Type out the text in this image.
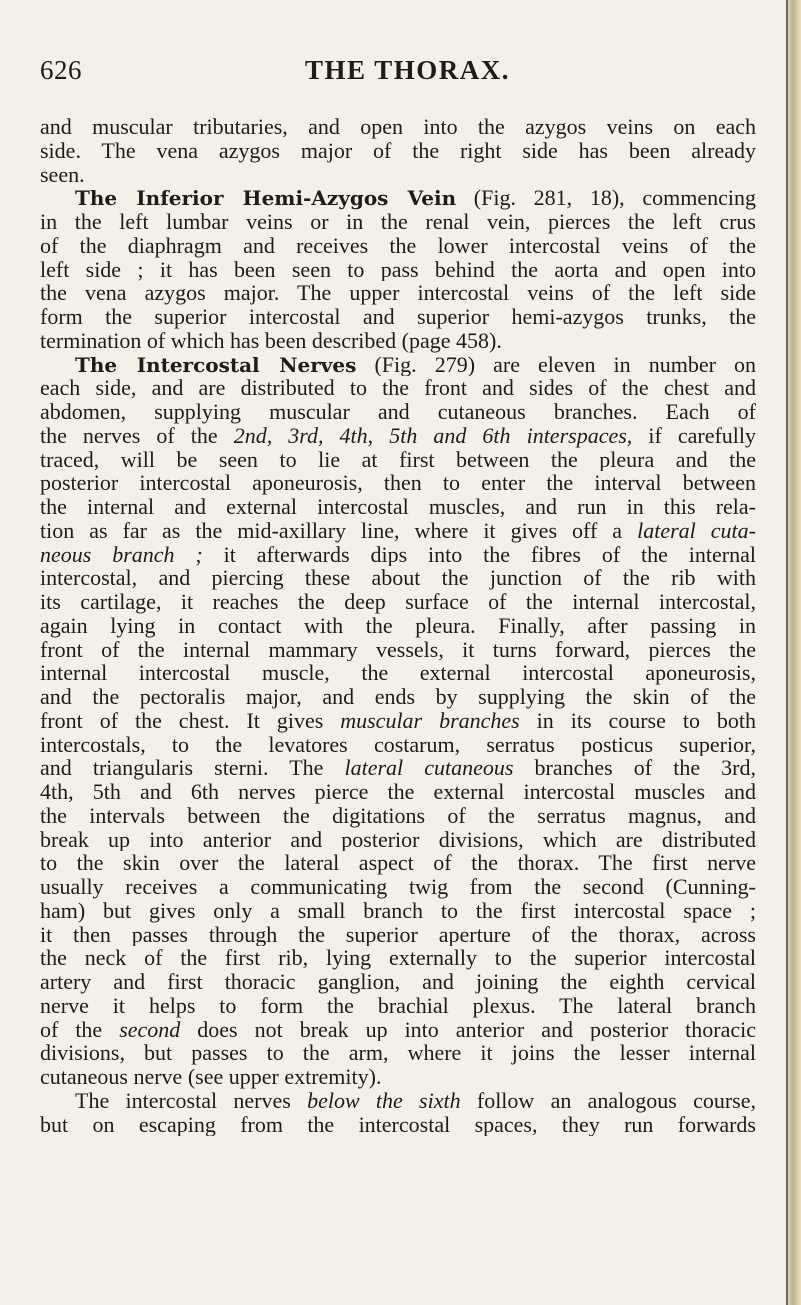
626	THE THORAX.
and muscular tributaries, and open into the azygos veins on each
side. The vena azygos major of the right side has been already
seen.
The Inferior Hemi-Azygos Vein (Fig. 281, 18), commencing
in the left lumbar veins or in the renal vein, pierces the left crus
of the diaphragm and receives the lower intercostal veins of the
left side ; it has been seen to pass behind the aorta and open into
the vena azygos major. The upper intercostal veins of the left side
form the superior intercostal and superior hemi-azygos trunks, the
termination of which has been described (page 458).
The Intercostal Nerves (Fig. 279) are eleven in number on
each side, and are distributed to the front and sides of the chest and
abdomen, supplying muscular and cutaneous branches. Each of
the nerves of the 2nd, 3rd, 4th, 5th and 6th interspaces, if carefully
traced, will be seen to lie at first between the pleura and the
posterior intercostal aponeurosis, then to enter the interval between
the internal and external intercostal muscles, and run in this rela-
tion as far as the mid-axillary line, where it gives off a lateral cuta-
neous branch ; it afterwards dips into the fibres of the internal
intercostal, and piercing these about the junction of the rib with
its cartilage, it reaches the deep surface of the internal intercostal,
again lying in contact with the pleura. Finally, after passing in
front of the internal mammary vessels, it turns forward, pierces the
internal intercostal muscle, the external intercostal aponeurosis,
and the pectoralis major, and ends by supplying the skin of the
front of the chest. It gives muscular branches in its course to both
intercostals, to the levatores costarum, serratus posticus superior,
and triangularis sterni. The lateral cutaneous branches of the 3rd,
4th, 5th and 6th nerves pierce the external intercostal muscles and
the intervals between the digitations of the serratus magnus, and
break up into anterior and posterior divisions, which are distributed
to the skin over the lateral aspect of the thorax. The first nerve
usually receives a communicating twig from the second (Cunning-
ham) but gives only a small branch to the first intercostal space ;
it then passes through the superior aperture of the thorax, across
the neck of the first rib, lying externally to the superior intercostal
artery and first thoracic ganglion, and joining the eighth cervical
nerve it helps to form the brachial plexus. The lateral branch
of the second does not break up into anterior and posterior thoracic
divisions, but passes to the arm, where it joins the lesser internal
cutaneous nerve (see upper extremity).
The intercostal nerves below the sixth follow an analogous course,
but on escaping from the intercostal spaces, they run forwards
